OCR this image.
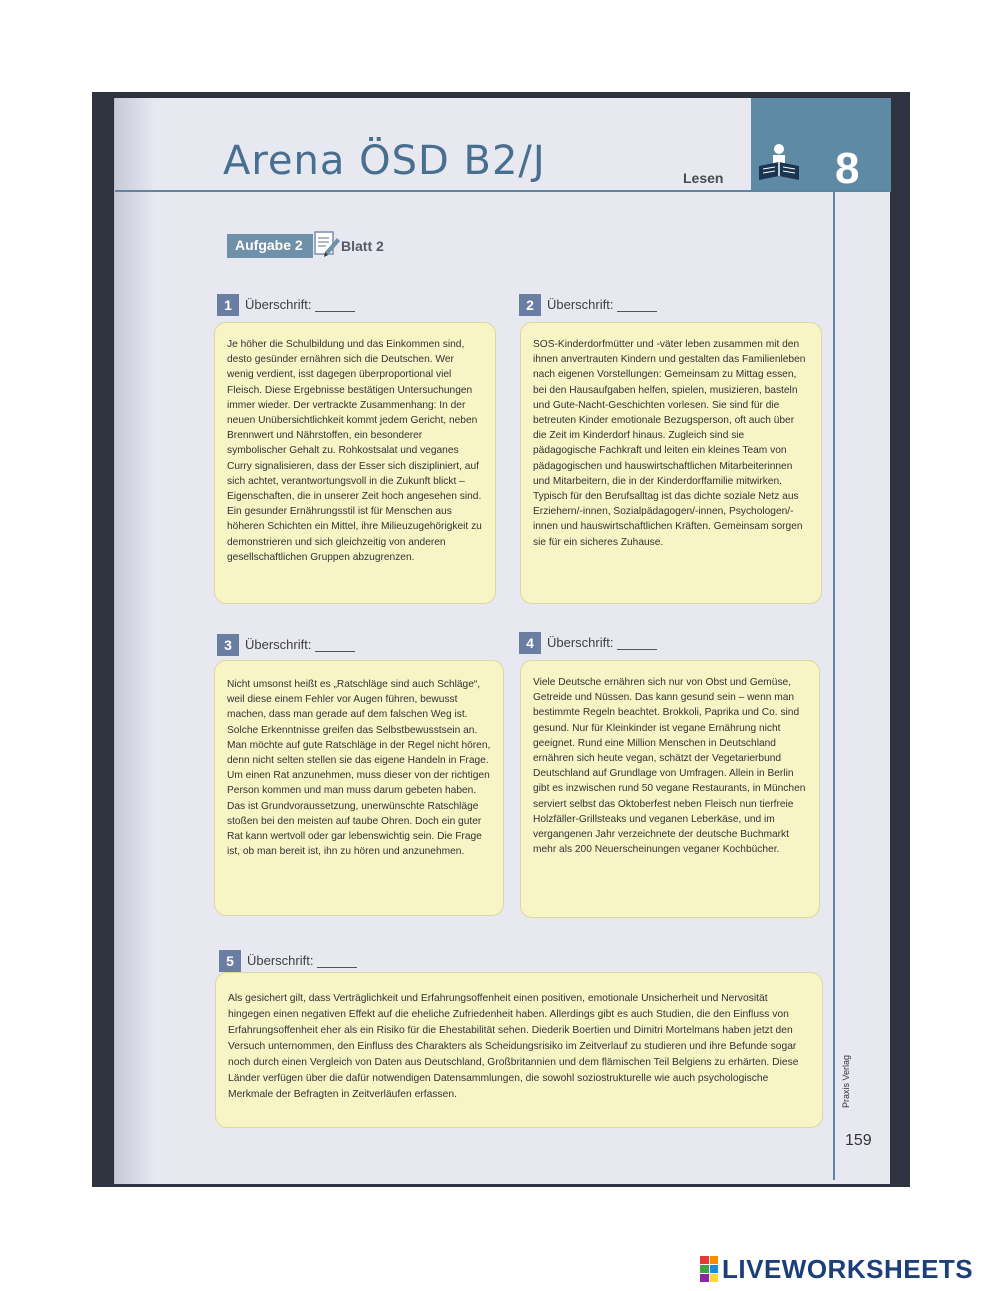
Arena ÖSD B2/J	Lesen	8
Aufgabe 2	Blatt 2
1	Überschrift:

Je höher die Schulbildung und das Einkommen sind, desto gesünder ernähren sich die Deutschen. Wer wenig verdient, isst dagegen überproportional viel Fleisch. Diese Ergebnisse bestätigen Untersuchungen immer wieder. Der vertrackte Zusammenhang: In der neuen Unübersichtlichkeit kommt jedem Gericht, neben Brennwert und Nährstoffen, ein besonderer symbolischer Gehalt zu. Rohkostsalat und veganes Curry signalisieren, dass der Esser sich diszipliniert, auf sich achtet, verantwortungsvoll in die Zukunft blickt – Eigenschaften, die in unserer Zeit hoch angesehen sind. Ein gesunder Ernährungsstil ist für Menschen aus höheren Schichten ein Mittel, ihre Milieuzugehörigkeit zu demonstrieren und sich gleichzeitig von anderen gesellschaftlichen Gruppen abzugrenzen.

2	Überschrift:

SOS-Kinderdorfmütter und -väter leben zusammen mit den ihnen anvertrauten Kindern und gestalten das Familienleben nach eigenen Vorstellungen: Gemeinsam zu Mittag essen, bei den Hausaufgaben helfen, spielen, musizieren, basteln und Gute-Nacht-Geschichten vorlesen. Sie sind für die betreuten Kinder emotionale Bezugsperson, oft auch über die Zeit im Kinderdorf hinaus. Zugleich sind sie pädagogische Fachkraft und leiten ein kleines Team von pädagogischen und hauswirtschaftlichen Mitarbeiterinnen und Mitarbeitern, die in der Kinderdorffamilie mitwirken. Typisch für den Berufsalltag ist das dichte soziale Netz aus Erziehern/-innen, Sozialpädagogen/-innen, Psychologen/-innen und hauswirtschaftlichen Kräften. Gemeinsam sorgen sie für ein sicheres Zuhause.

3	Überschrift:

Nicht umsonst heißt es „Ratschläge sind auch Schläge“, weil diese einem Fehler vor Augen führen, bewusst machen, dass man gerade auf dem falschen Weg ist. Solche Erkenntnisse greifen das Selbstbewusstsein an. Man möchte auf gute Ratschläge in der Regel nicht hören, denn nicht selten stellen sie das eigene Handeln in Frage. Um einen Rat anzunehmen, muss dieser von der richtigen Person kommen und man muss darum gebeten haben. Das ist Grundvoraussetzung, unerwünschte Ratschläge stoßen bei den meisten auf taube Ohren. Doch ein guter Rat kann wertvoll oder gar lebenswichtig sein. Die Frage ist, ob man bereit ist, ihn zu hören und anzunehmen.

4	Überschrift:

Viele Deutsche ernähren sich nur von Obst und Gemüse, Getreide und Nüssen. Das kann gesund sein – wenn man bestimmte Regeln beachtet. Brokkoli, Paprika und Co. sind gesund. Nur für Kleinkinder ist vegane Ernährung nicht geeignet. Rund eine Million Menschen in Deutschland ernähren sich heute vegan, schätzt der Vegetarierbund Deutschland auf Grundlage von Umfragen. Allein in Berlin gibt es inzwischen rund 50 vegane Restaurants, in München serviert selbst das Oktoberfest neben Fleisch nun tierfreie Holzfäller-Grillsteaks und veganen Leberkäse, und im vergangenen Jahr verzeichnete der deutsche Buchmarkt mehr als 200 Neuerscheinungen veganer Kochbücher.

5	Überschrift:

Als gesichert gilt, dass Verträglichkeit und Erfahrungsoffenheit einen positiven, emotionale Unsicherheit und Nervosität hingegen einen negativen Effekt auf die eheliche Zufriedenheit haben. Allerdings gibt es auch Studien, die den Einfluss von Erfahrungsoffenheit eher als ein Risiko für die Ehestabilität sehen. Diederik Boertien und Dimitri Mortelmans haben jetzt den Versuch unternommen, den Einfluss des Charakters als Scheidungsrisiko im Zeitverlauf zu studieren und ihre Befunde sogar noch durch einen Vergleich von Daten aus Deutschland, Großbritannien und dem flämischen Teil Belgiens zu erhärten. Diese Länder verfügen über die dafür notwendigen Datensammlungen, die sowohl soziostrukturelle wie auch psychologische Merkmale der Befragten in Zeitverläufen erfassen.	Praxis Verlag
159
LIVEWORKSHEETS
